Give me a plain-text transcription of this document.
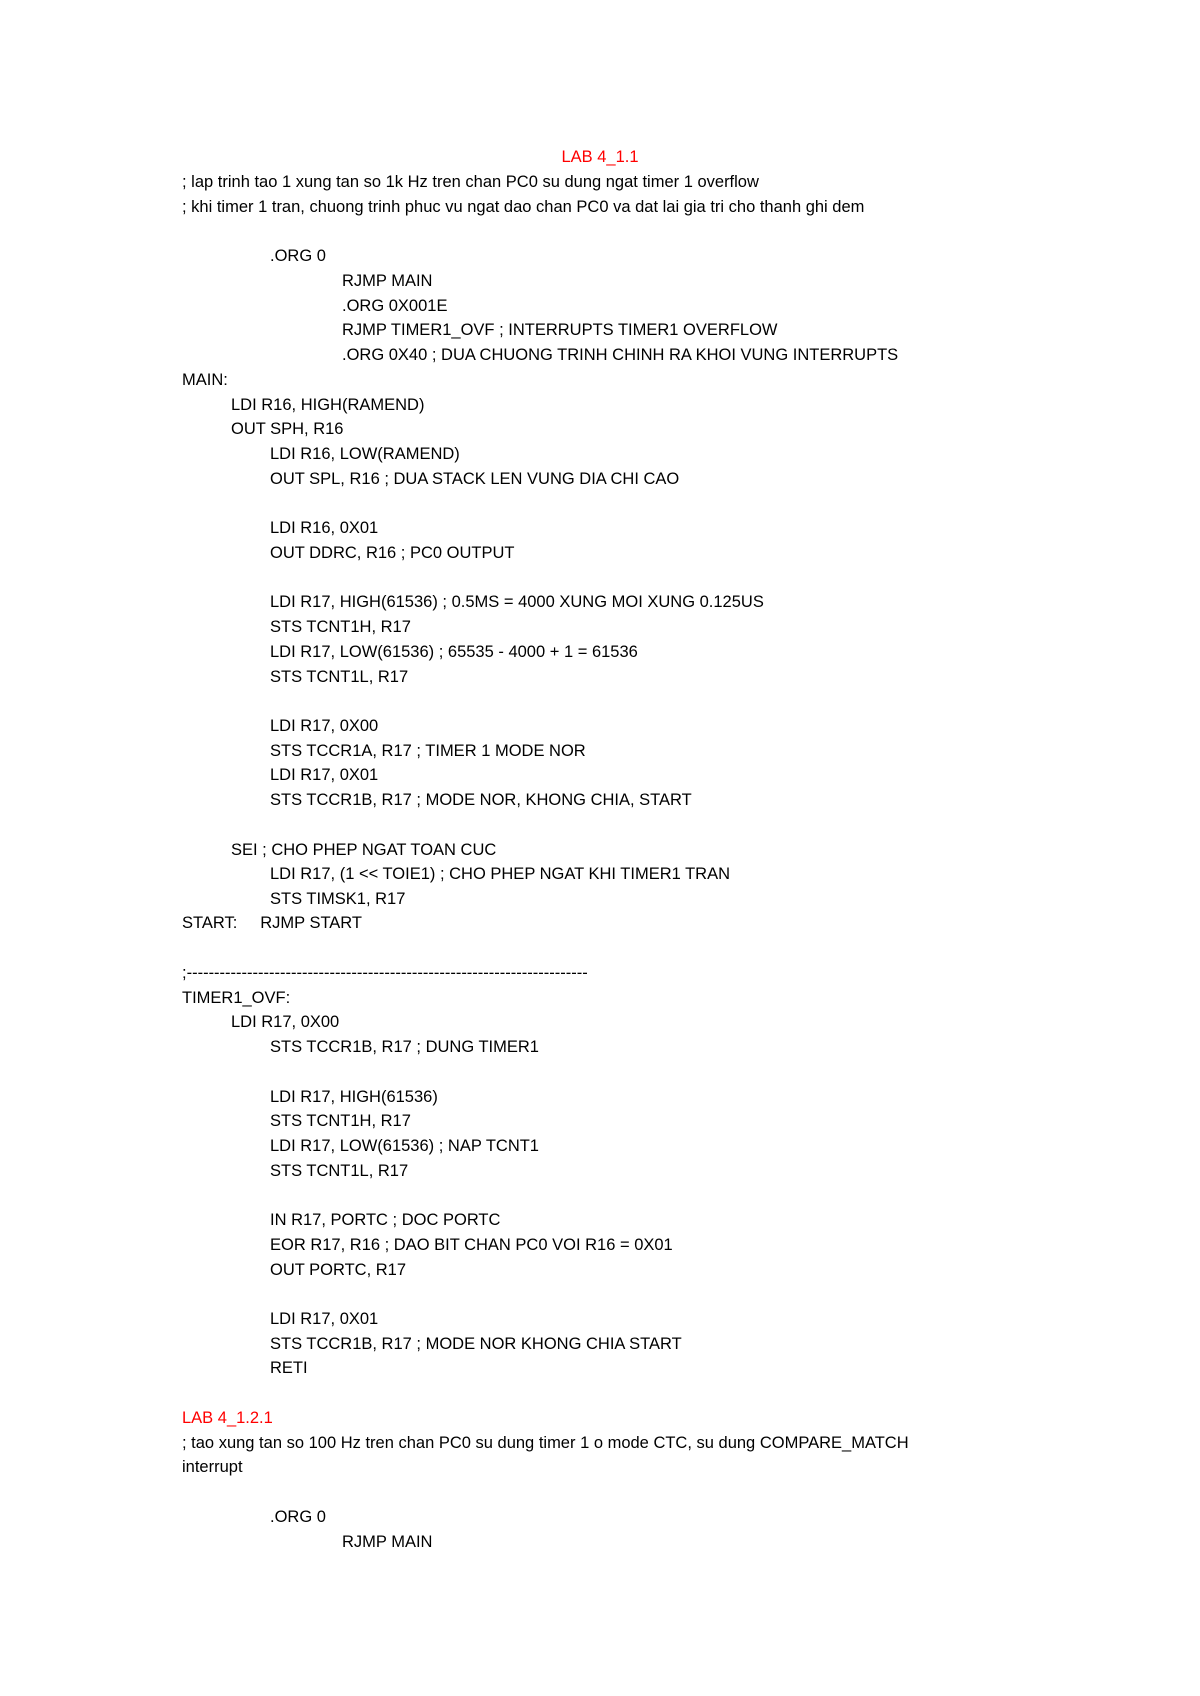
LAB 4_1.1
; lap trinh tao 1 xung tan so 1k Hz tren chan PC0 su dung ngat timer 1 overflow
; khi timer 1 tran, chuong trinh phuc vu ngat dao chan PC0 va dat lai gia tri cho thanh ghi dem
.ORG 0
RJMP MAIN
.ORG 0X001E
RJMP TIMER1_OVF ; INTERRUPTS TIMER1 OVERFLOW
.ORG 0X40 ; DUA CHUONG TRINH CHINH RA KHOI VUNG INTERRUPTS
MAIN:
LDI R16, HIGH(RAMEND)
OUT SPH, R16
LDI R16, LOW(RAMEND)
OUT SPL, R16 ; DUA STACK LEN VUNG DIA CHI CAO
LDI R16, 0X01
OUT DDRC, R16 ; PC0 OUTPUT
LDI R17, HIGH(61536) ; 0.5MS = 4000 XUNG MOI XUNG 0.125US
STS TCNT1H, R17
LDI R17, LOW(61536) ; 65535 - 4000 + 1 = 61536
STS TCNT1L, R17
LDI R17, 0X00
STS TCCR1A, R17 ; TIMER 1 MODE NOR
LDI R17, 0X01
STS TCCR1B, R17 ; MODE NOR, KHONG CHIA, START
SEI ; CHO PHEP NGAT TOAN CUC
LDI R17, (1 << TOIE1) ; CHO PHEP NGAT KHI TIMER1 TRAN
STS TIMSK1, R17
START:     RJMP START
;-------------------------------------------------------------------------
TIMER1_OVF:
LDI R17, 0X00
STS TCCR1B, R17 ; DUNG TIMER1
LDI R17, HIGH(61536)
STS TCNT1H, R17
LDI R17, LOW(61536) ; NAP TCNT1
STS TCNT1L, R17
IN R17, PORTC ; DOC PORTC
EOR R17, R16 ; DAO BIT CHAN PC0 VOI R16 = 0X01
OUT PORTC, R17
LDI R17, 0X01
STS TCCR1B, R17 ; MODE NOR KHONG CHIA START
RETI
LAB 4_1.2.1
; tao xung tan so 100 Hz tren chan PC0 su dung timer 1 o mode CTC, su dung COMPARE_MATCH
interrupt
.ORG 0
RJMP MAIN
